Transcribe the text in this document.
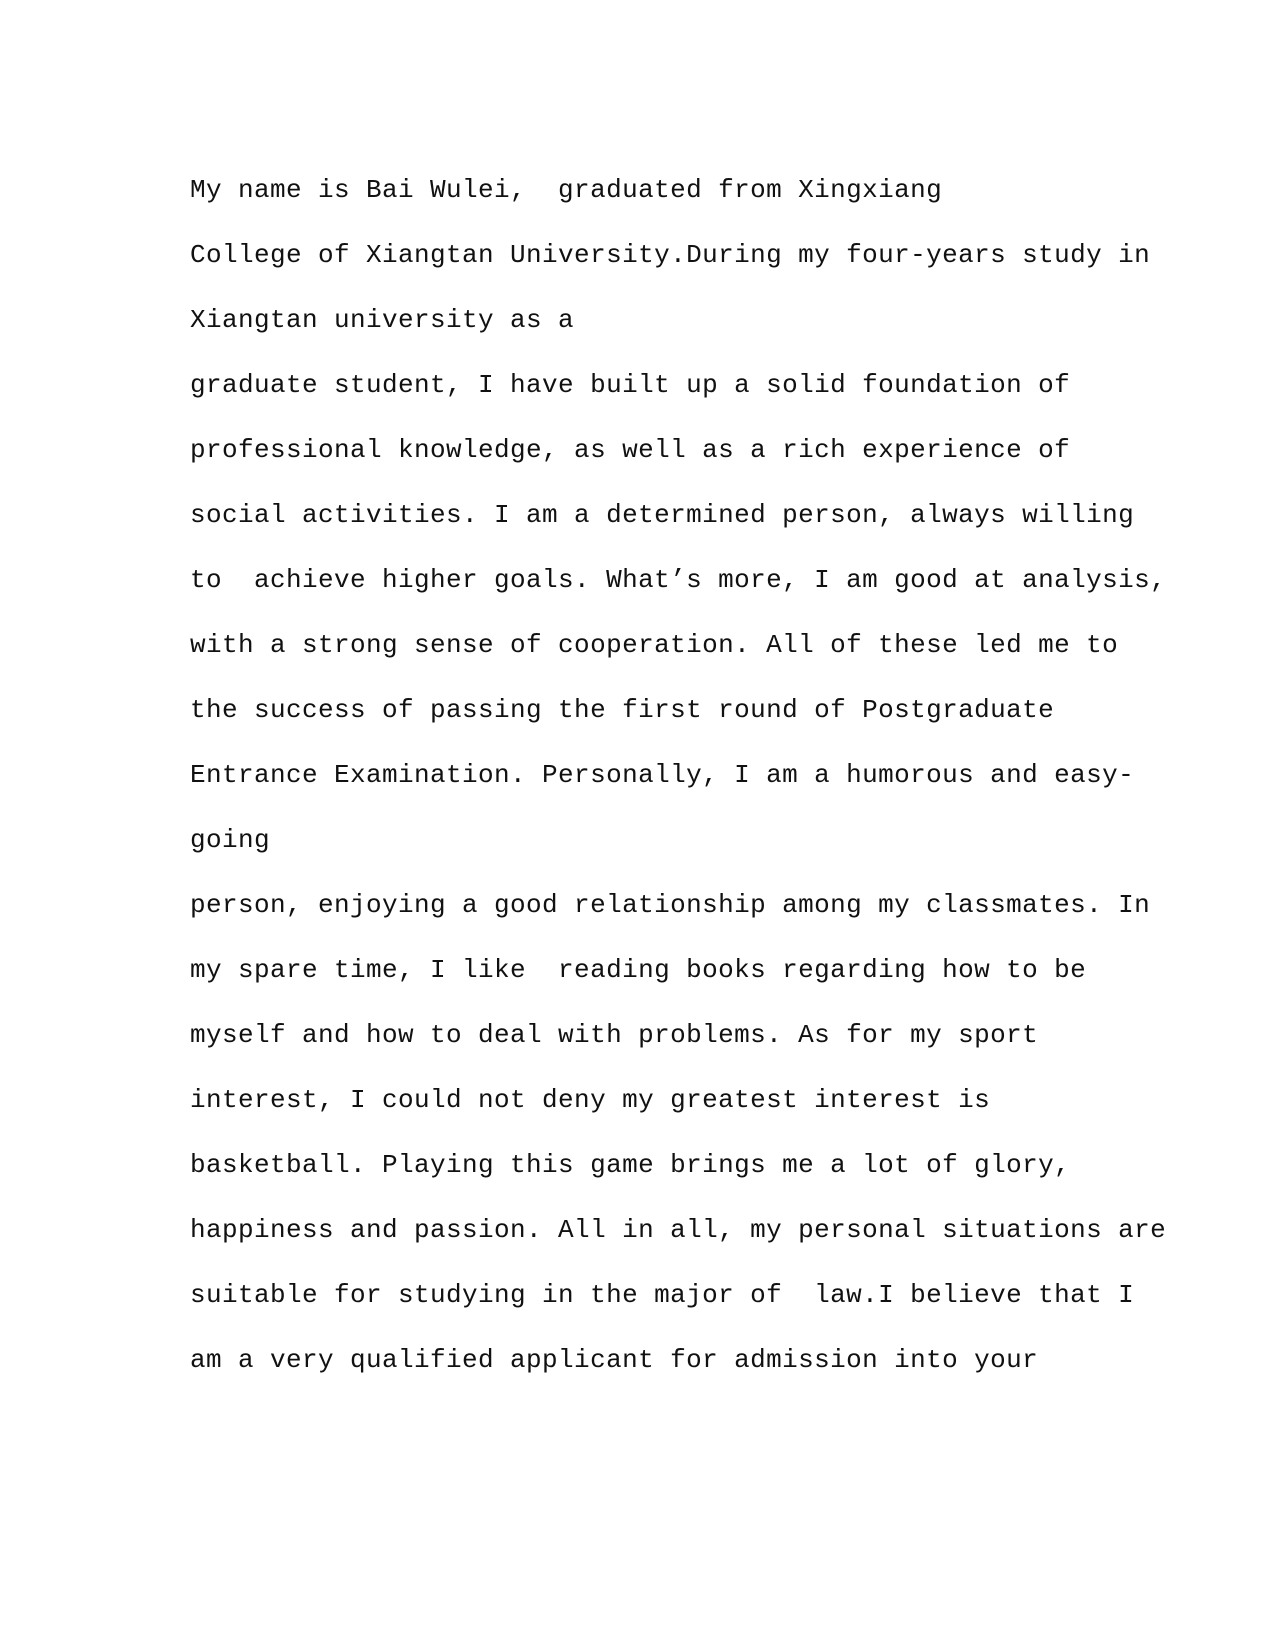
My name is Bai Wulei,  graduated from Xingxiang
College of Xiangtan University.During my four-years study in
Xiangtan university as a
graduate student, I have built up a solid foundation of
professional knowledge, as well as a rich experience of
social activities. I am a determined person, always willing
to  achieve higher goals. What’s more, I am good at analysis,
with a strong sense of cooperation. All of these led me to
the success of passing the first round of Postgraduate
Entrance Examination. Personally, I am a humorous and easy-
going
person, enjoying a good relationship among my classmates. In
my spare time, I like  reading books regarding how to be
myself and how to deal with problems. As for my sport
interest, I could not deny my greatest interest is
basketball. Playing this game brings me a lot of glory,
happiness and passion. All in all, my personal situations are
suitable for studying in the major of  law.I believe that I
am a very qualified applicant for admission into your
